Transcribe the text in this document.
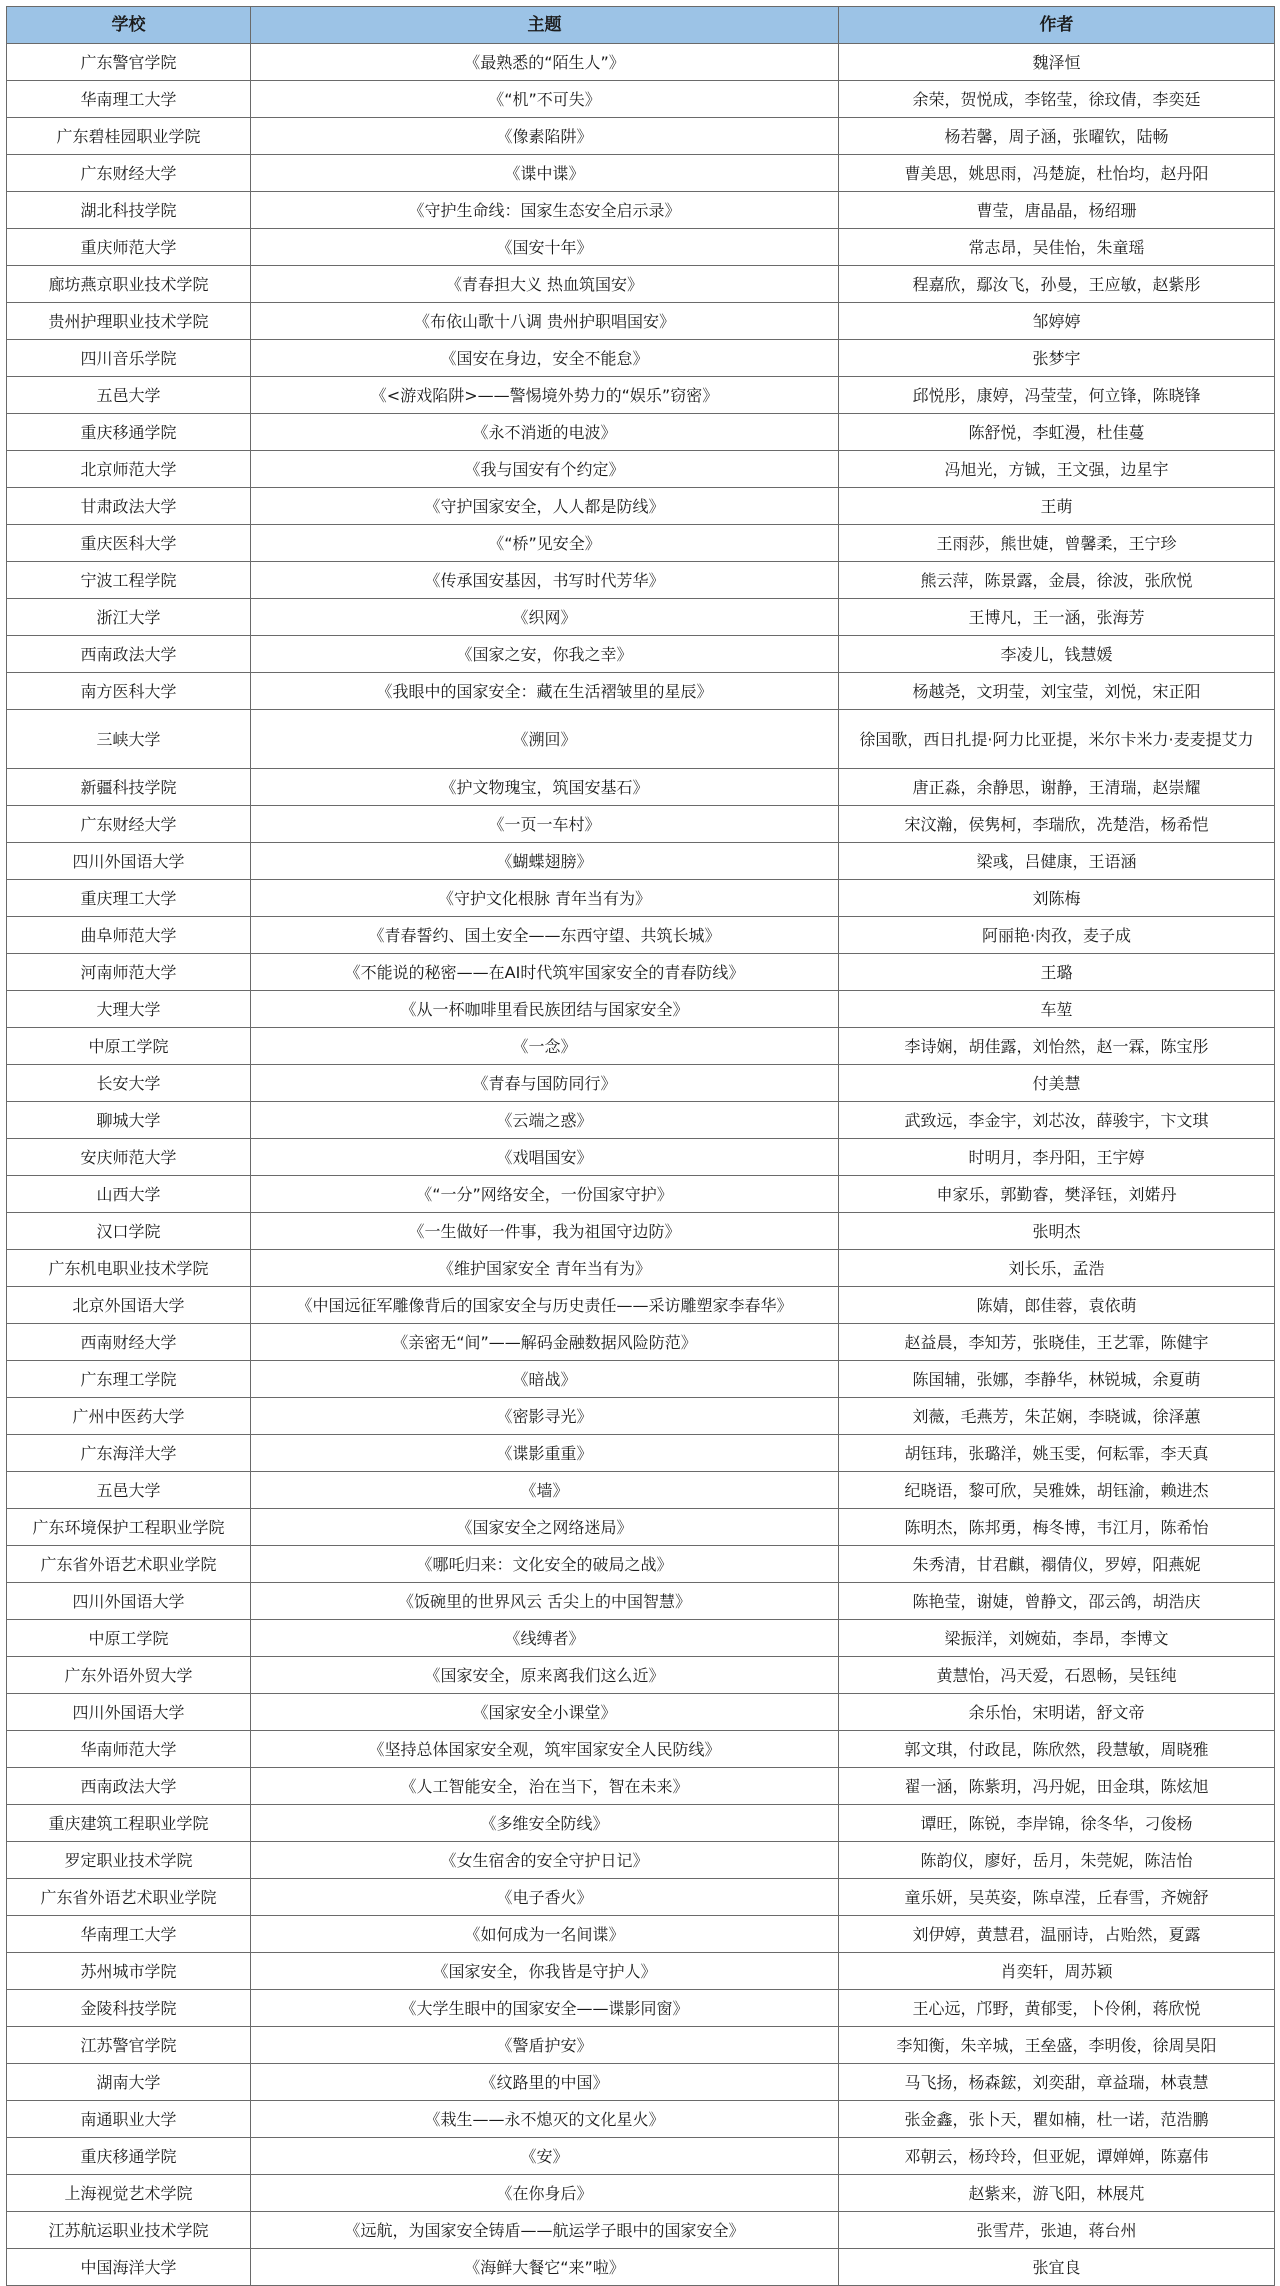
学校	主题	作者
广东警官学院	《最熟悉的“陌生人”》	魏泽恒
华南理工大学	《“机”不可失》	余荣，贺悦成，李铭莹，徐玟倩，李奕廷
广东碧桂园职业学院	《像素陷阱》	杨若馨，周子涵，张曜钦，陆畅
广东财经大学	《谍中谍》	曹美思，姚思雨，冯楚旋，杜怡均，赵丹阳
湖北科技学院	《守护生命线：国家生态安全启示录》	曹莹，唐晶晶，杨绍珊
重庆师范大学	《国安十年》	常志昂，吴佳怡，朱童瑶
廊坊燕京职业技术学院	《青春担大义 热血筑国安》	程嘉欣，鄢汝飞，孙曼，王应敏，赵紫彤
贵州护理职业技术学院	《布依山歌十八调 贵州护职唱国安》	邹婷婷
四川音乐学院	《国安在身边，安全不能怠》	张梦宇
五邑大学	《<游戏陷阱>——警惕境外势力的“娱乐”窃密》	邱悦彤，康婷，冯莹莹，何立锋，陈晓锋
重庆移通学院	《永不消逝的电波》	陈舒悦，李虹漫，杜佳蔓
北京师范大学	《我与国安有个约定》	冯旭光，方铖，王文强，边星宇
甘肃政法大学	《守护国家安全，人人都是防线》	王萌
重庆医科大学	《“桥”见安全》	王雨莎，熊世婕，曾馨柔，王宁珍
宁波工程学院	《传承国安基因，书写时代芳华》	熊云萍，陈景露，金晨，徐波，张欣悦
浙江大学	《织网》	王博凡，王一涵，张海芳
西南政法大学	《国家之安，你我之幸》	李凌儿，钱慧媛
南方医科大学	《我眼中的国家安全：藏在生活褶皱里的星辰》	杨越尧，文玥莹，刘宝莹，刘悦，宋正阳
三峡大学	《溯回》	徐国歌，西日扎提·阿力比亚提，米尔卡米力·麦麦提艾力
新疆科技学院	《护文物瑰宝，筑国安基石》	唐正淼，余静思，谢静，王清瑞，赵崇耀
广东财经大学	《一页一车村》	宋汶瀚，侯隽柯，李瑞欣，冼楚浩，杨希恺
四川外国语大学	《蝴蝶翅膀》	梁彧，吕健康，王语涵
重庆理工大学	《守护文化根脉 青年当有为》	刘陈梅
曲阜师范大学	《青春誓约、国土安全——东西守望、共筑长城》	阿丽艳·肉孜，麦子成
河南师范大学	《不能说的秘密——在AI时代筑牢国家安全的青春防线》	王璐
大理大学	《从一杯咖啡里看民族团结与国家安全》	车堃
中原工学院	《一念》	李诗娴，胡佳露，刘怡然，赵一霖，陈宝彤
长安大学	《青春与国防同行》	付美慧
聊城大学	《云端之惑》	武致远，李金宇，刘芯汝，薛骏宇，卞文琪
安庆师范大学	《戏唱国安》	时明月，李丹阳，王宇婷
山西大学	《“一分”网络安全，一份国家守护》	申家乐，郭勤睿，樊泽钰，刘婼丹
汉口学院	《一生做好一件事，我为祖国守边防》	张明杰
广东机电职业技术学院	《维护国家安全 青年当有为》	刘长乐，孟浩
北京外国语大学	《中国远征军雕像背后的国家安全与历史责任——采访雕塑家李春华》	陈婧，郎佳蓉，袁依萌
西南财经大学	《亲密无“间”——解码金融数据风险防范》	赵益晨，李知芳，张晓佳，王艺霏，陈健宇
广东理工学院	《暗战》	陈国辅，张娜，李静华，林锐城，余夏萌
广州中医药大学	《密影寻光》	刘薇，毛燕芳，朱芷娴，李晓诚，徐泽蕙
广东海洋大学	《谍影重重》	胡钰玮，张璐洋，姚玉雯，何耘霏，李天真
五邑大学	《墙》	纪晓语，黎可欣，吴雅姝，胡钰渝，赖进杰
广东环境保护工程职业学院	《国家安全之网络迷局》	陈明杰，陈邦勇，梅冬博，韦江月，陈希怡
广东省外语艺术职业学院	《哪吒归来：文化安全的破局之战》	朱秀清，甘君麒，禤倩仪，罗婷，阳燕妮
四川外国语大学	《饭碗里的世界风云 舌尖上的中国智慧》	陈艳莹，谢婕，曾静文，邵云鸽，胡浩庆
中原工学院	《线缚者》	梁振洋，刘婉茹，李昂，李博文
广东外语外贸大学	《国家安全，原来离我们这么近》	黄慧怡，冯天爱，石恩畅，吴钰纯
四川外国语大学	《国家安全小课堂》	余乐怡，宋明诺，舒文帝
华南师范大学	《坚持总体国家安全观，筑牢国家安全人民防线》	郭文琪，付政昆，陈欣然，段慧敏，周晓雅
西南政法大学	《人工智能安全，治在当下，智在未来》	翟一涵，陈紫玥，冯丹妮，田金琪，陈炫旭
重庆建筑工程职业学院	《多维安全防线》	谭旺，陈锐，李岸锦，徐冬华，刁俊杨
罗定职业技术学院	《女生宿舍的安全守护日记》	陈韵仪，廖好，岳月，朱莞妮，陈洁怡
广东省外语艺术职业学院	《电子香火》	童乐妍，吴英姿，陈卓滢，丘春雪，齐婉舒
华南理工大学	《如何成为一名间谍》	刘伊婷，黄慧君，温丽诗，占贻然，夏露
苏州城市学院	《国家安全，你我皆是守护人》	肖奕轩，周苏颖
金陵科技学院	《大学生眼中的国家安全——谍影同窗》	王心远，邝野，黄郁雯，卜伶俐，蒋欣悦
江苏警官学院	《警盾护安》	李知衡，朱辛城，王垒盛，李明俊，徐周昊阳
湖南大学	《纹路里的中国》	马飞扬，杨森鋐，刘奕甜，章益瑞，林袁慧
南通职业大学	《栽生——永不熄灭的文化星火》	张金鑫，张卜天，瞿如楠，杜一诺，范浩鹏
重庆移通学院	《安》	邓朝云，杨玲玲，但亚妮，谭婵婵，陈嘉伟
上海视觉艺术学院	《在你身后》	赵紫来，游飞阳，林展芃
江苏航运职业技术学院	《远航，为国家安全铸盾——航运学子眼中的国家安全》	张雪芹，张迪，蒋台州
中国海洋大学	《海鲜大餐它“来”啦》	张宜良
